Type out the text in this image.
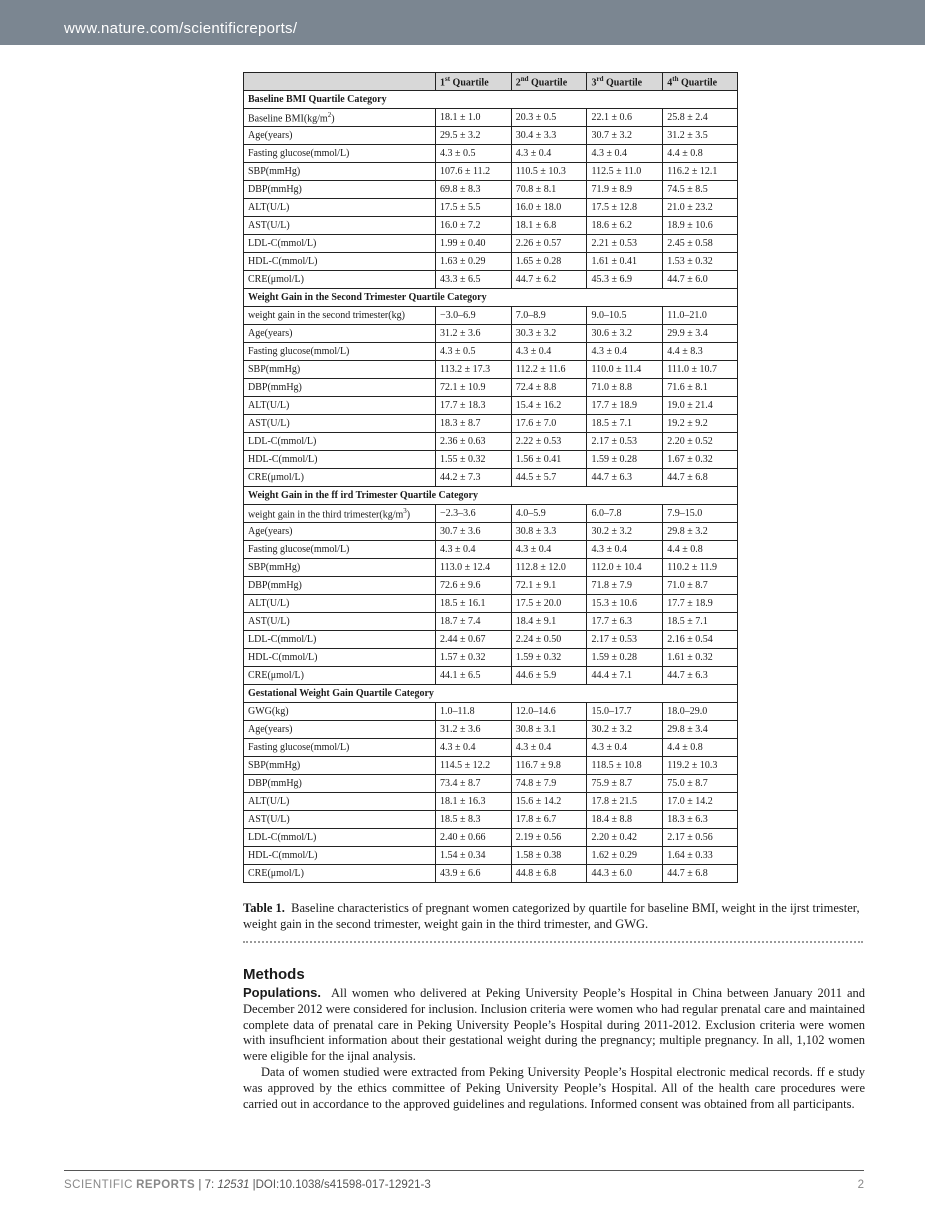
www.nature.com/scientificreports/
	1st Quartile	2nd Quartile	3rd Quartile	4th Quartile
Baseline BMI Quartile Category				
Baseline $BMI(kg/m^2)$	18.1 ± 1.0	20.3 ± 0.5	22.1 ± 0.6	25.8 ± 2.4
Age(years)	29.5 ± 3.2	30.4 ± 3.3	30.7 ± 3.2	31.2 ± 3.5
Fasting glucose(mmol/L)	4.3 ± 0.5	4.3 ± 0.4	4.3 ± 0.4	4.4 ± 0.8
SBP(mmHg)	107.6 ± 11.2	110.5 ± 10.3	112.5 ± 11.0	116.2 ± 12.1
DBP(mmHg)	69.8 ± 8.3	70.8 ± 8.1	71.9 ± 8.9	74.5 ± 8.5
ALT(U/L)	17.5 ± 5.5	16.0 ± 18.0	17.5 ± 12.8	21.0 ± 23.2
AST(U/L)	16.0 ± 7.2	18.1 ± 6.8	18.6 ± 6.2	18.9 ± 10.6
LDL-C(mmol/L)	1.99 ± 0.40	2.26 ± 0.57	2.21 ± 0.53	2.45 ± 0.58
HDL-C(mmol/L)	1.63 ± 0.29	1.65 ± 0.28	1.61 ± 0.41	1.53 ± 0.32
CRE(μmol/L)	43.3 ± 6.5	44.7 ± 6.2	45.3 ± 6.9	44.7 ± 6.0
Weight Gain in the Second Trimester Quartile Category				
weight gain in the second trimester(kg)	−3.0–6.9	7.0–8.9	9.0–10.5	11.0–21.0
Age(years)	31.2 ± 3.6	30.3 ± 3.2	30.6 ± 3.2	29.9 ± 3.4
Fasting glucose(mmol/L)	4.3 ± 0.5	4.3 ± 0.4	4.3 ± 0.4	4.4 ± 8.3
SBP(mmHg)	113.2 ± 17.3	112.2 ± 11.6	110.0 ± 11.4	111.0 ± 10.7
DBP(mmHg)	72.1 ± 10.9	72.4 ± 8.8	71.0 ± 8.8	71.6 ± 8.1
ALT(U/L)	17.7 ± 18.3	15.4 ± 16.2	17.7 ± 18.9	19.0 ± 21.4
AST(U/L)	18.3 ± 8.7	17.6 ± 7.0	18.5 ± 7.1	19.2 ± 9.2
LDL-C(mmol/L)	2.36 ± 0.63	2.22 ± 0.53	2.17 ± 0.53	2.20 ± 0.52
HDL-C(mmol/L)	1.55 ± 0.32	1.56 ± 0.41	1.59 ± 0.28	1.67 ± 0.32
CRE(μmol/L)	44.2 ± 7.3	44.5 ± 5.7	44.7 ± 6.3	44.7 ± 6.8
Weight Gain in the ff ird Trimester Quartile Category				
weight gain in the third $trimester(kg/m^3)$	−2.3–3.6	4.0–5.9	6.0–7.8	7.9–15.0
Age(years)	30.7 ± 3.6	30.8 ± 3.3	30.2 ± 3.2	29.8 ± 3.2
Fasting glucose(mmol/L)	4.3 ± 0.4	4.3 ± 0.4	4.3 ± 0.4	4.4 ± 0.8
SBP(mmHg)	113.0 ± 12.4	112.8 ± 12.0	112.0 ± 10.4	110.2 ± 11.9
DBP(mmHg)	72.6 ± 9.6	72.1 ± 9.1	71.8 ± 7.9	71.0 ± 8.7
ALT(U/L)	18.5 ± 16.1	17.5 ± 20.0	15.3 ± 10.6	17.7 ± 18.9
AST(U/L)	18.7 ± 7.4	18.4 ± 9.1	17.7 ± 6.3	18.5 ± 7.1
LDL-C(mmol/L)	2.44 ± 0.67	2.24 ± 0.50	2.17 ± 0.53	2.16 ± 0.54
HDL-C(mmol/L)	1.57 ± 0.32	1.59 ± 0.32	1.59 ± 0.28	1.61 ± 0.32
CRE(μmol/L)	44.1 ± 6.5	44.6 ± 5.9	44.4 ± 7.1	44.7 ± 6.3
Gestational Weight Gain Quartile Category				
GWG(kg)	1.0–11.8	12.0–14.6	15.0–17.7	18.0–29.0
Age(years)	31.2 ± 3.6	30.8 ± 3.1	30.2 ± 3.2	29.8 ± 3.4
Fasting glucose(mmol/L)	4.3 ± 0.4	4.3 ± 0.4	4.3 ± 0.4	4.4 ± 0.8
SBP(mmHg)	114.5 ± 12.2	116.7 ± 9.8	118.5 ± 10.8	119.2 ± 10.3
DBP(mmHg)	73.4 ± 8.7	74.8 ± 7.9	75.9 ± 8.7	75.0 ± 8.7
ALT(U/L)	18.1 ± 16.3	15.6 ± 14.2	17.8 ± 21.5	17.0 ± 14.2
AST(U/L)	18.5 ± 8.3	17.8 ± 6.7	18.4 ± 8.8	18.3 ± 6.3
LDL-C(mmol/L)	2.40 ± 0.66	2.19 ± 0.56	2.20 ± 0.42	2.17 ± 0.56
HDL-C(mmol/L)	1.54 ± 0.34	1.58 ± 0.38	1.62 ± 0.29	1.64 ± 0.33
CRE(μmol/L)	43.9 ± 6.6	44.8 ± 6.8	44.3 ± 6.0	44.7 ± 6.8
Table 1. Baseline characteristics of pregnant women categorized by quartile for baseline BMI, weight in the ijrst trimester, weight gain in the second trimester, weight gain in the third trimester, and GWG.
Methods

Populations. All women who delivered at Peking University People’s Hospital in China between January 2011 and December 2012 were considered for inclusion. Inclusion criteria were women who had regular prenatal care and maintained complete data of prenatal care in Peking University People’s Hospital during 2011-2012. Exclusion criteria were women with insufhcient information about their gestational weight during the pregnancy; multiple pregnancy. In all, 1,102 women were eligible for the ijnal analysis.

Data of women studied were extracted from Peking University People’s Hospital electronic medical records. ff e study was approved by the ethics committee of Peking University People’s Hospital. All of the health care procedures were carried out in accordance to the approved guidelines and regulations. Informed consent was obtained from all participants.

SCIENTIFIC REPORTS | 7: 12531 |DOI:10.1038/s41598-017-12921-3	2
